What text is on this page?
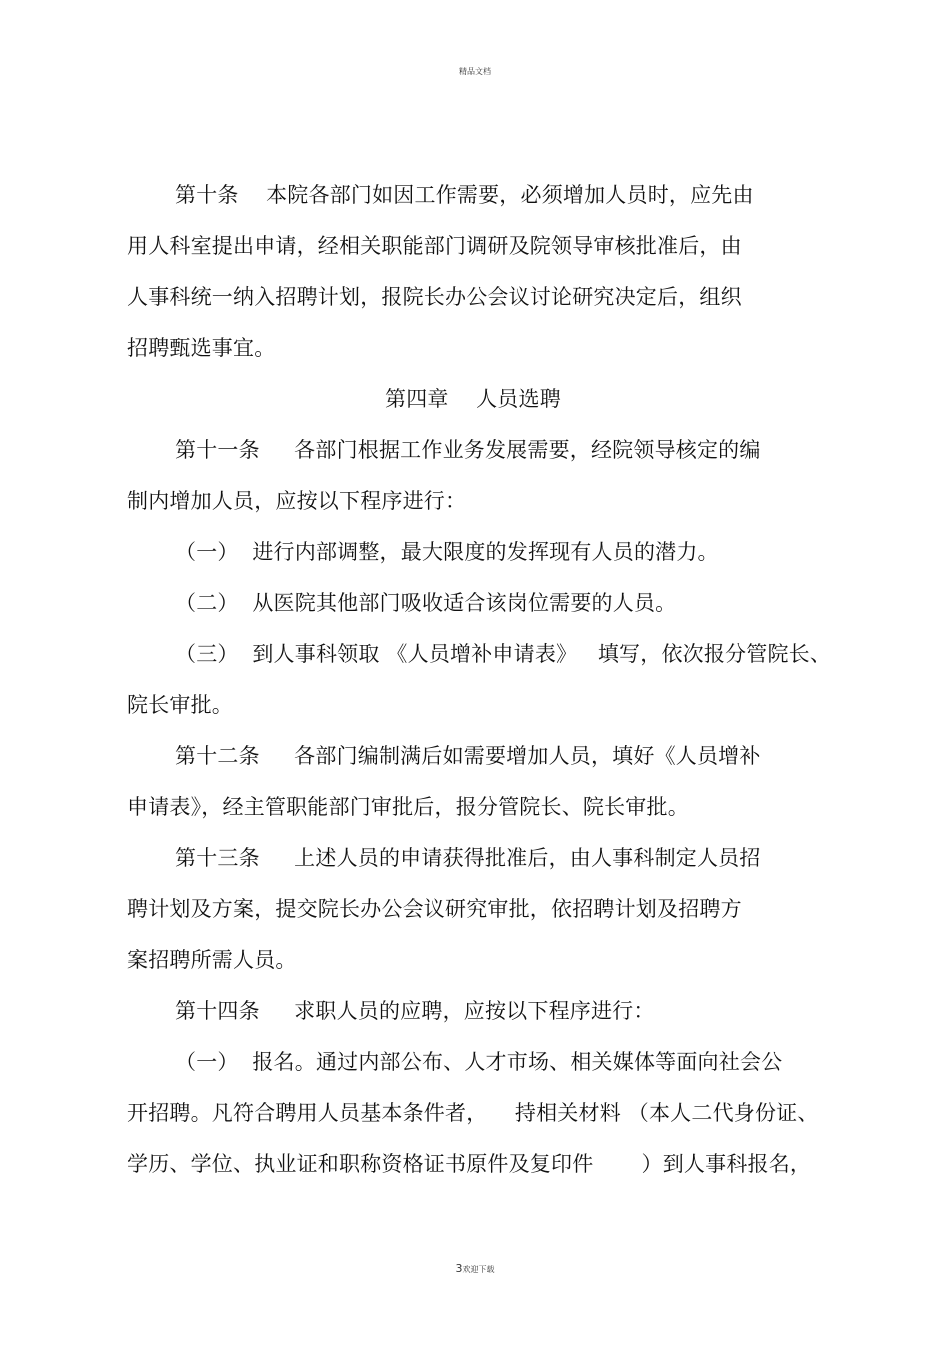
精品文档
第十条    本院各部门如因工作需要，必须增加人员时，应先由
用人科室提出申请，经相关职能部门调研及院领导审核批准后，由
人事科统一纳入招聘计划，报院长办公会议讨论研究决定后，组织
招聘甄选事宜。
第四章    人员选聘
第十一条     各部门根据工作业务发展需要，经院领导核定的编
制内增加人员，应按以下程序进行：
（一）  进行内部调整，最大限度的发挥现有人员的潜力。
（二）  从医院其他部门吸收适合该岗位需要的人员。
（三）  到人事科领取 《人员增补申请表》   填写，依次报分管院长、
院长审批。
第十二条     各部门编制满后如需要增加人员，填好《人员增补
申请表》，经主管职能部门审批后，报分管院长、院长审批。
第十三条     上述人员的申请获得批准后，由人事科制定人员招
聘计划及方案，提交院长办公会议研究审批，依招聘计划及招聘方
案招聘所需人员。
第十四条     求职人员的应聘，应按以下程序进行：
（一）  报名。通过内部公布、人才市场、相关媒体等面向社会公
开招聘。凡符合聘用人员基本条件者，    持相关材料 （本人二代身份证、
学历、学位、执业证和职称资格证书原件及复印件       ）到人事科报名，
3欢迎下载
